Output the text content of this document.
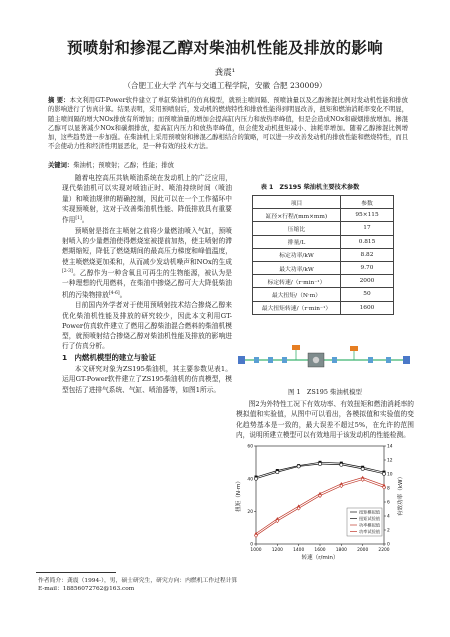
预喷射和掺混乙醇对柴油机性能及排放的影响
龚震¹
（合肥工业大学 汽车与交通工程学院，安徽 合肥 230009）
摘 要：本文利用GT-Power软件建立了单缸柴油机的仿真模型，就预主喷间隔、预喷油量以及乙醇掺混比例对发动机性能和排放的影响进行了仿真计算。结果表明，采用预喷射后，发动机的燃烧特性和排放性能得到明显改善，扭矩和燃油消耗率变化不明显，随主喷间隔的增大NOx排放有所增加；而预喷油量的增加会提高缸内压力和放热率峰值，但是会造成NOx和碳烟排放增加。掺混乙醇可以显著减少NOx和碳烟排放，提高缸内压力和放热率峰值，但会使发动机扭矩减小、油耗率增加。随着乙醇掺混比例增加，这些趋势进一步加强。在柴油机上采用预喷射和掺混乙醇相结合的策略，可以进一步改善发动机的排放性能和燃烧特性，而且不会使动力性和经济性明显恶化，是一种有效的技术方法。
关键词：柴油机；预喷射；乙醇；性能；排放

随着电控高压共轨喷油系统在发动机上的广泛应用，现代柴油机可以实现对喷油正时、喷油持续时间（喷油量）和喷油规律的精确控制，因此可以在一个工作循环中实现预喷射，这对于改善柴油机性能、降低排放具有重要作用[1]。

预喷射是指在主喷射之前将少量燃油喷入气缸，预喷射喷入的少量燃油使得燃烧室被提前加热，使主喷射的滞燃期缩短，降低了燃烧期间的最高压力梯度和峰值温度，使主喷燃烧更加柔和，从而减少发动机噪声和NOx的生成[2-3]。乙醇作为一种含氧且可再生的生物能源，被认为是一种理想的代用燃料，在柴油中掺烧乙醇可大大降低柴油机的污染物排放[4-6]。

目前国内外学者对于使用预喷射技术结合掺烧乙醇来优化柴油机性能及排放的研究较少，因此本文利用GT-Power仿真软件建立了燃用乙醇柴油混合燃料的柴油机模型，就预喷射结合掺烧乙醇对柴油机性能及排放的影响进行了仿真分析。

1　内燃机模型的建立与验证

本文研究对象为ZS195柴油机，其主要参数见表1。运用GT-Power软件建立了ZS195柴油机的仿真模型，模型包括了进排气系统、气缸、喷油器等，如图1所示。

表 1　ZS195 柴油机主要技术参数
项目	参数
缸径×行程/(mm×mm)	95×115
压缩比	17
排量/L	0.815
标定功率/kW	8.82
最大功率/kW	9.70
标定转速/（r·min⁻¹）	2000
最大扭矩/（N·m）	50
最大扭矩转速/（r·min⁻¹）	1600
图 1　ZS195 柴油机模型

图2为外特性工况下有效功率、有效扭矩和燃油消耗率的模拟值和实验值，从图中可以看出，各模拟值和实验值的变化趋势基本是一致的，最大误差不超过5%，在允许的范围内，说明所建立模型可以有效地用于该发动机的性能检测。

1000 1200 1400 1600 1800 2000 2200
0
20
40
60
0
2
4
6
8
10
12
14
转速（r/min）
扭矩（N·m）	有效功率（kW）
扭矩模拟值
扭矩试验值
功率模拟值
功率试验值
作者简介：龚震（1994-），男，硕士研究生，研究方向：内燃机工作过程计算
E-mail：18856072762@163.com
